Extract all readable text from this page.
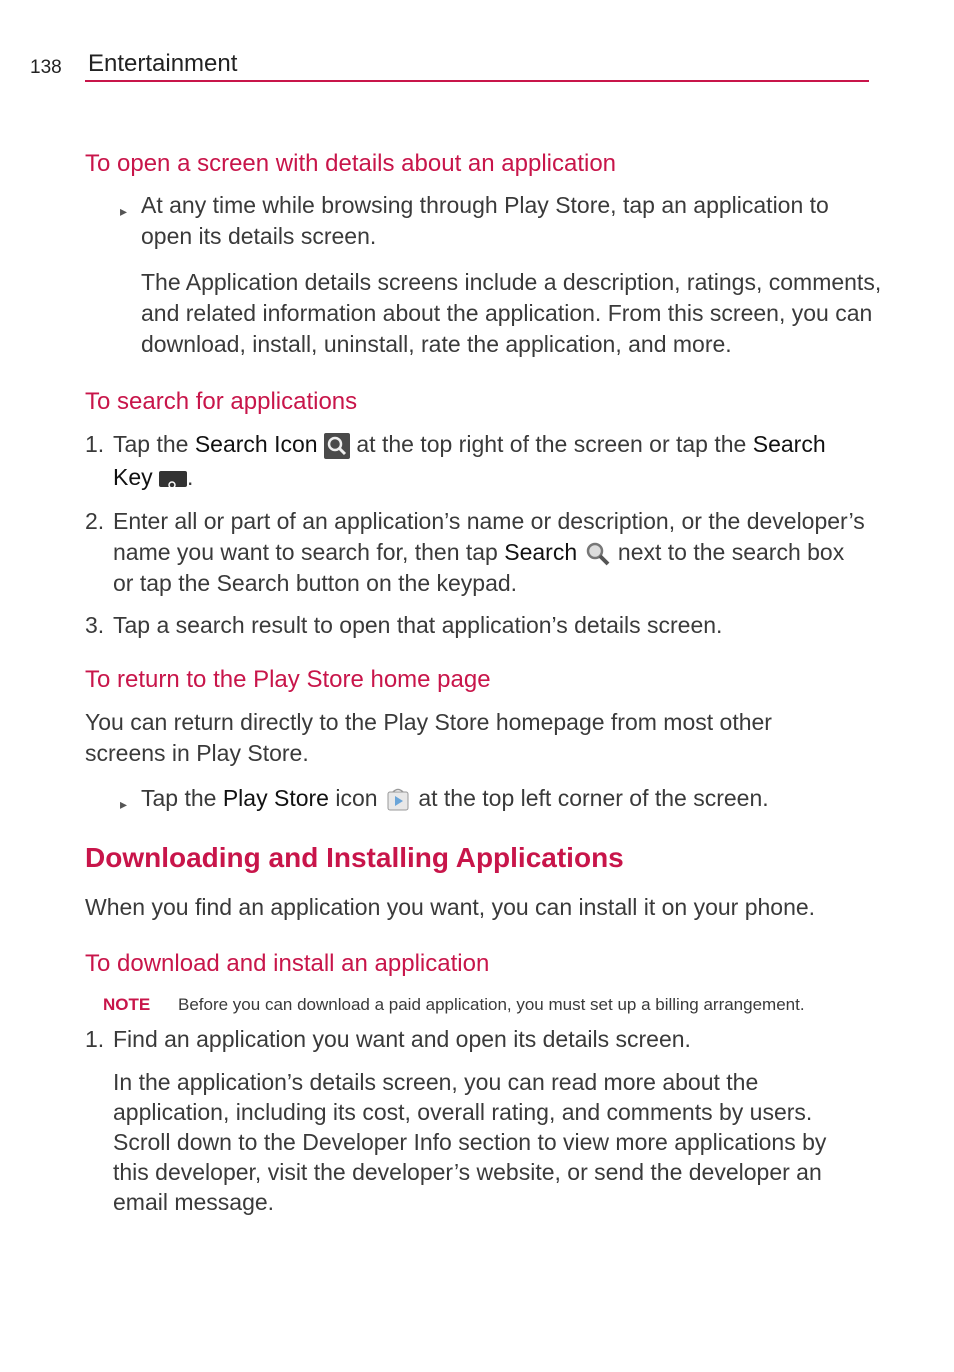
138 Entertainment
To open a screen with details about an application
▸ At any time while browsing through Play Store, tap an application to
open its details screen.
The Application details screens include a description, ratings, comments,
and related information about the application. From this screen, you can
download, install, uninstall, rate the application, and more.
To search for applications
1. Tap the Search Icon  at the top right of the screen or tap the Search
Key .
2. Enter all or part of an application’s name or description, or the developer’s
name you want to search for, then tap Search  next to the search box
or tap the Search button on the keypad.
3. Tap a search result to open that application’s details screen.
To return to the Play Store home page
You can return directly to the Play Store homepage from most other
screens in Play Store.
▸ Tap the Play Store icon  at the top left corner of the screen.
Downloading and Installing Applications
When you find an application you want, you can install it on your phone.
To download and install an application
NOTE Before you can download a paid application, you must set up a billing arrangement.
1. Find an application you want and open its details screen.
In the application’s details screen, you can read more about the
application, including its cost, overall rating, and comments by users.
Scroll down to the Developer Info section to view more applications by
this developer, visit the developer’s website, or send the developer an
email message.
